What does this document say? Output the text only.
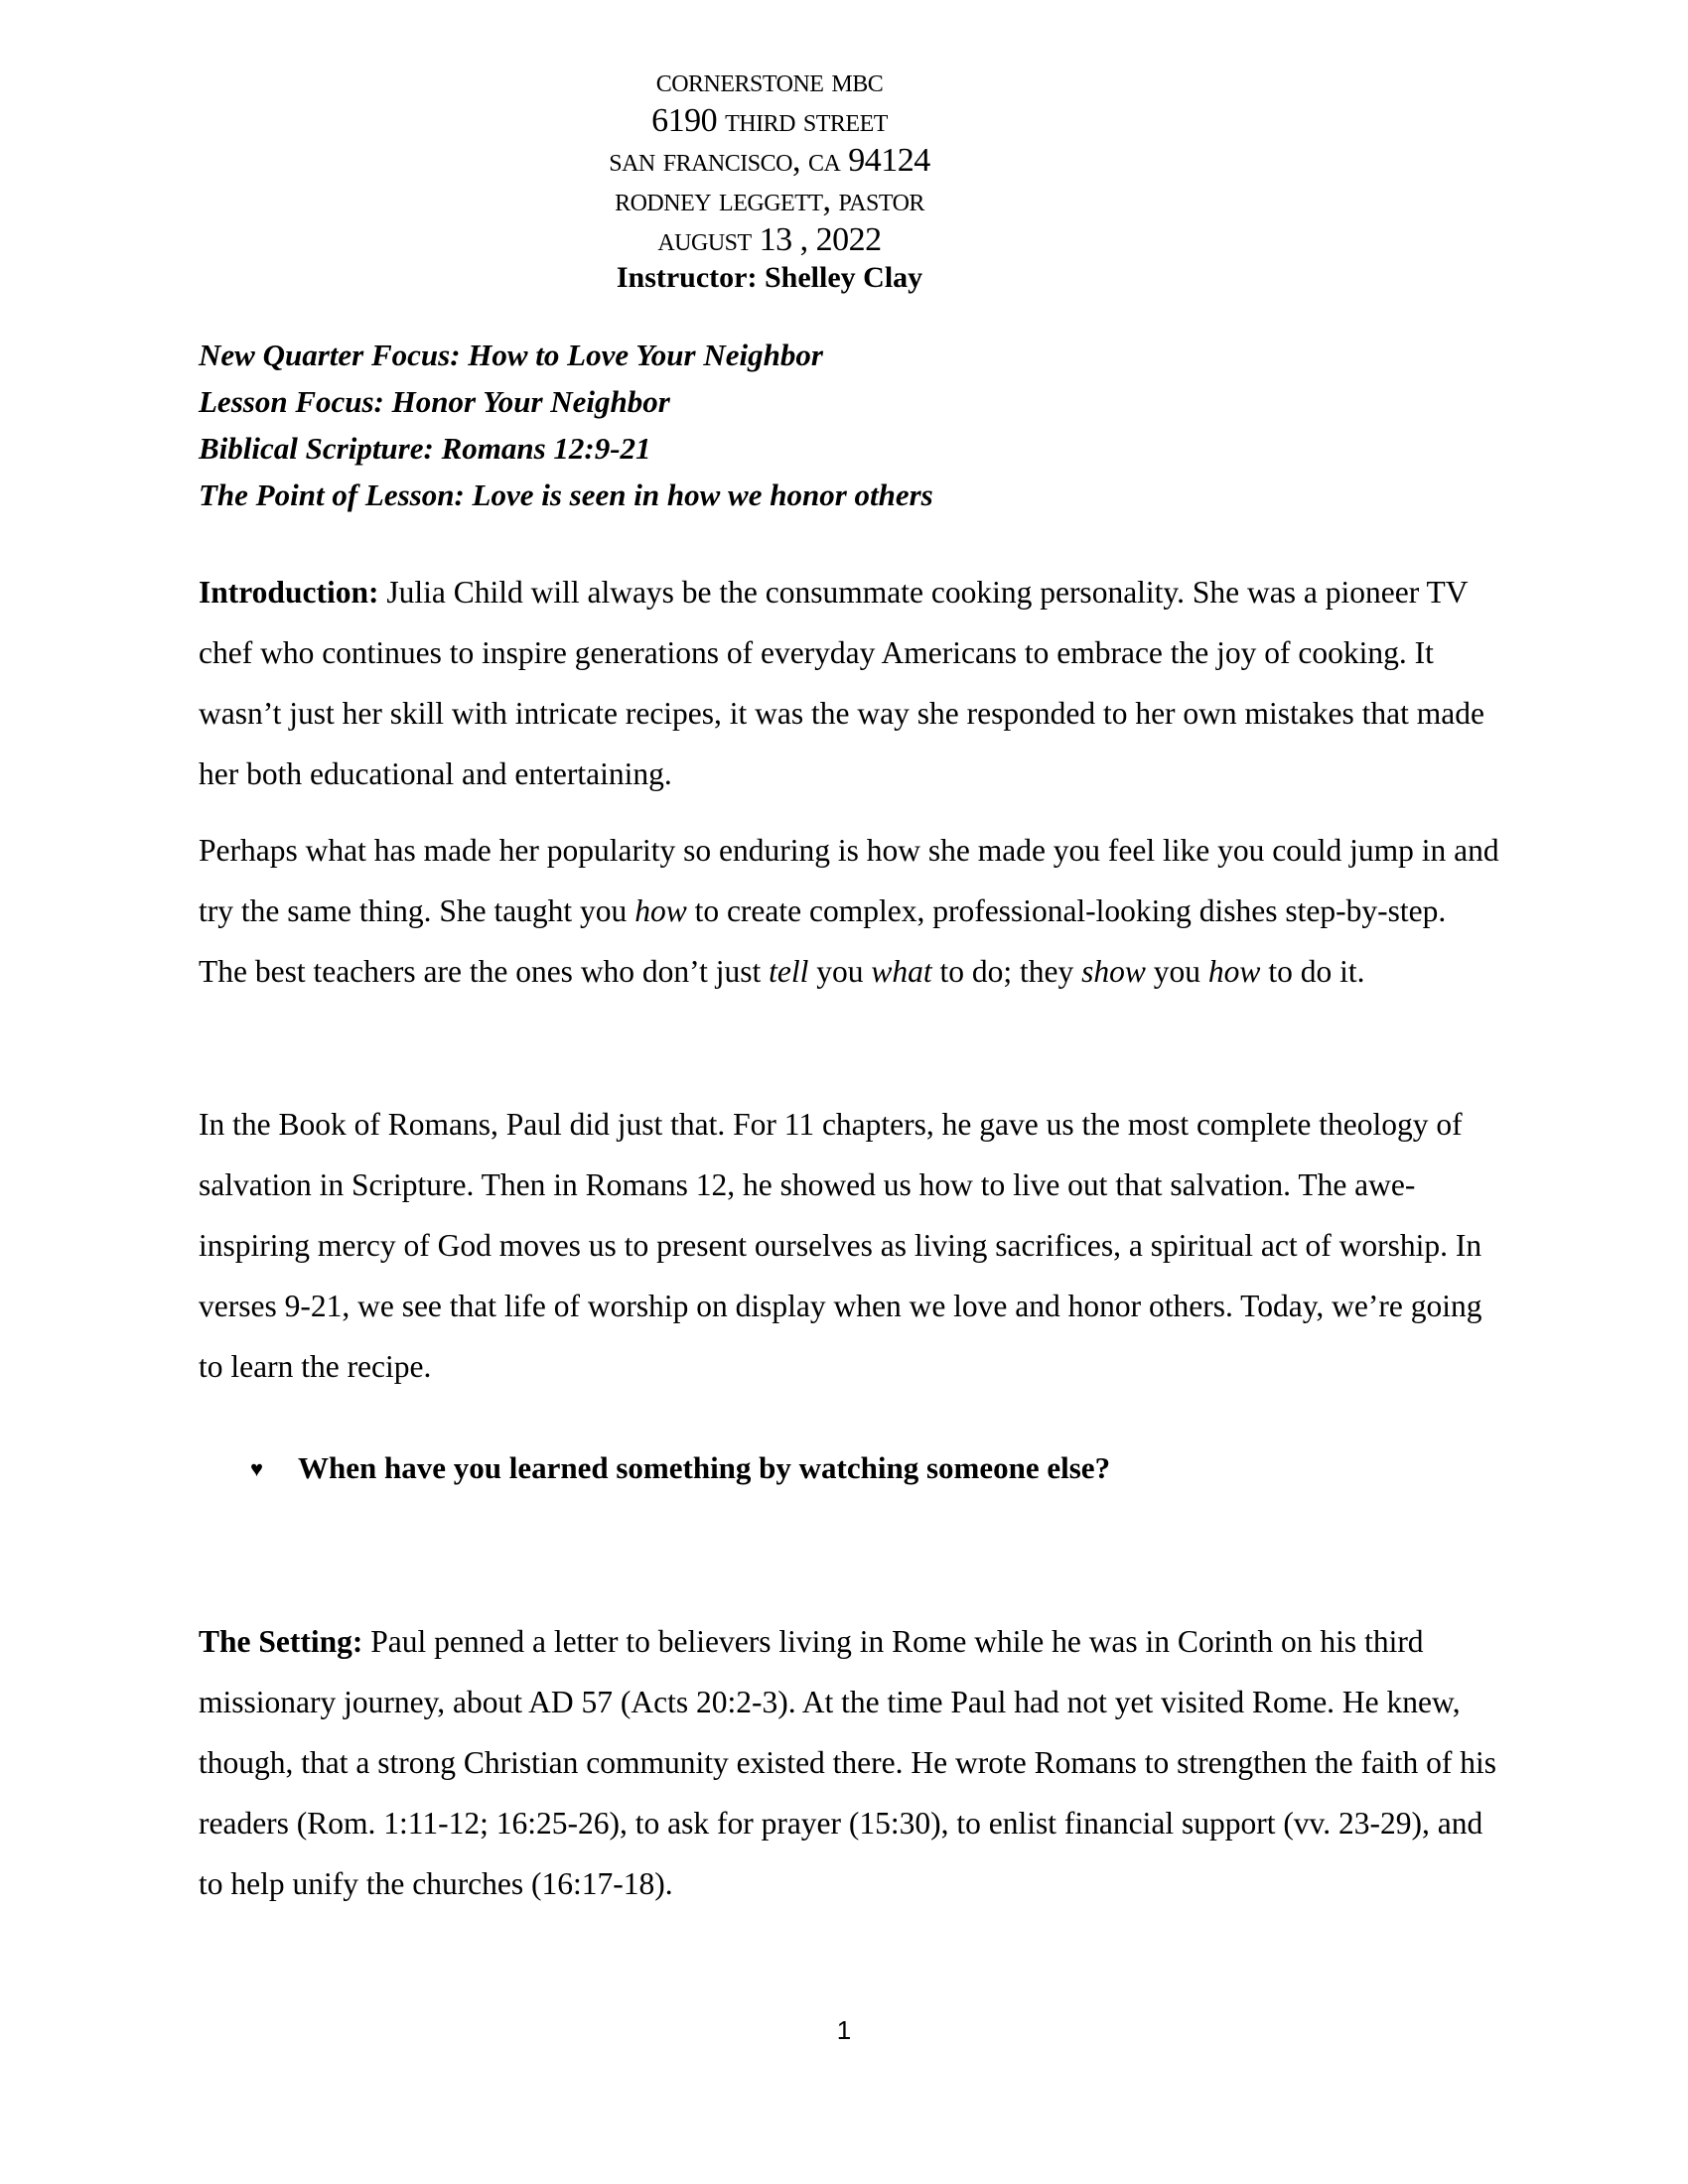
cornerstone mbc
6190 third street
san francisco, ca 94124
rodney leggett, pastor
august 13 , 2022
Instructor: Shelley Clay
New Quarter Focus: How to Love Your Neighbor
Lesson Focus: Honor Your Neighbor
Biblical Scripture: Romans 12:9-21
The Point of Lesson: Love is seen in how we honor others
Introduction: Julia Child will always be the consummate cooking personality. She was a pioneer TV chef who continues to inspire generations of everyday Americans to embrace the joy of cooking. It wasn’t just her skill with intricate recipes, it was the way she responded to her own mistakes that made her both educational and entertaining.
Perhaps what has made her popularity so enduring is how she made you feel like you could jump in and try the same thing. She taught you how to create complex, professional-looking dishes step-by-step. The best teachers are the ones who don’t just tell you what to do; they show you how to do it.
In the Book of Romans, Paul did just that. For 11 chapters, he gave us the most complete theology of salvation in Scripture. Then in Romans 12, he showed us how to live out that salvation. The awe-inspiring mercy of God moves us to present ourselves as living sacrifices, a spiritual act of worship. In verses 9-21, we see that life of worship on display when we love and honor others. Today, we’re going to learn the recipe.
♥ When have you learned something by watching someone else?
The Setting: Paul penned a letter to believers living in Rome while he was in Corinth on his third missionary journey, about AD 57 (Acts 20:2-3). At the time Paul had not yet visited Rome. He knew, though, that a strong Christian community existed there. He wrote Romans to strengthen the faith of his readers (Rom. 1:11-12; 16:25-26), to ask for prayer (15:30), to enlist financial support (vv. 23-29), and to help unify the churches (16:17-18).
1
